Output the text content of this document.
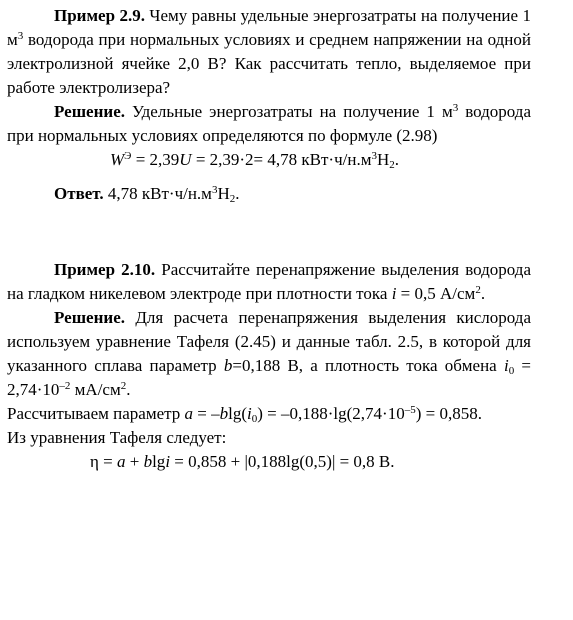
Пример 2.9. Чему равны удельные энергозатраты на получение 1 $м^3$ водорода при нормальных условиях и среднем напряжении на одной электролизной ячейке 2,0 В? Как рассчитать тепло, выделяемое при работе электролизера?

Решение. Удельные энергозатраты на получение 1 $м^3$ водорода при нормальных условиях определяются по формуле (2.98)

$W^Э = 2,39U = 2,39\cdot 2= 4,78$ $кВт\cdot ч/н.м^3H_2$.

Ответ. 4,78 $кВт\cdot ч/н.м^3H_2$.

Пример 2.10. Рассчитайте перенапряжение выделения водорода на гладком никелевом электроде при плотности тока i = 0,5 $А/см^2$.

Решение. Для расчета перенапряжения выделения кислорода используем уравнение Тафеля (2.45) и данные табл. 2.5, в которой для указанного сплава параметр b=0,188 В, а плотность тока обмена $i_0 = 2,74\cdot 10^{-2}$ $мА/см^2$.

Рассчитываем параметр $a = -blg(i_0) = -0,188\cdot\lg(2,74\cdot 10^{-5}) = 0,858$.

Из уравнения Тафеля следует:

η = a + blgi = 0,858 + |0,188lg(0,5)| = 0,8 В.
